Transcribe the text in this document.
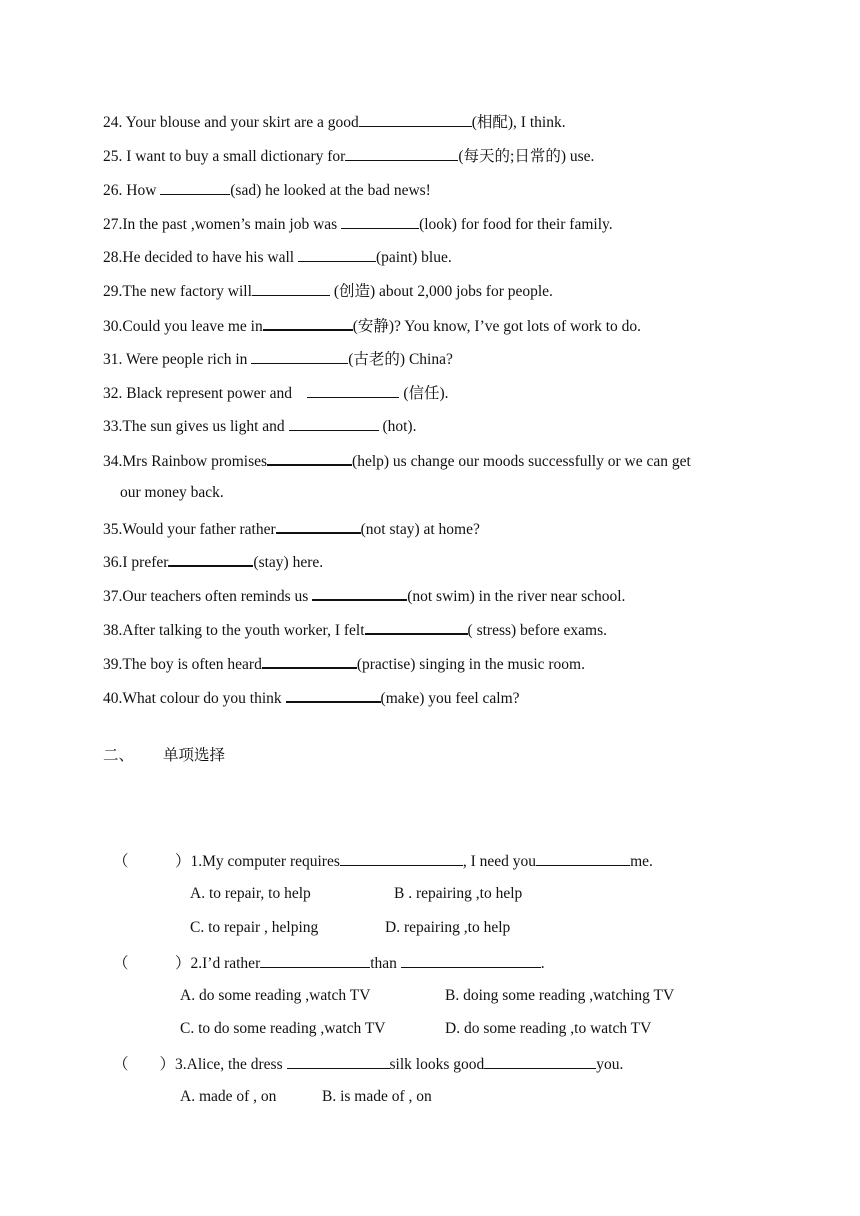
24. Your blouse and your skirt are a good	(相配), I think.
25. I want to buy a small dictionary for	(每天的;日常的) use.
26. How	(sad) he looked at the bad news!
27.In the past ,women’s main job was	(look) for food for their family.
28.He decided to have his wall	(paint) blue.
29.The new factory will	(创造) about 2,000 jobs for people.
30.Could you leave me in	(安静)? You know, I’ve got lots of work to do.
31. Were people rich in	(古老的) China?
32. Black represent power and	(信任).
33.The sun gives us light and	(hot).
34.Mrs Rainbow promises	(help) us change our moods successfully or we can get
our money back.
35.Would your father rather	(not stay) at home?
36.I prefer	(stay) here.
37.Our teachers often reminds us	(not swim) in the river near school.
38.After talking to the youth worker, I felt	( stress) before exams.
39.The boy is often heard	(practise) singing in the music room.
40.What colour do you think	(make) you feel calm?
二、 单项选择
（　　　）1.My computer requires	, I need you	me.
A. to repair, to help	B . repairing ,to help
C. to repair , helping	D. repairing ,to help
（　　　）2.I’d rather	than	.
A. do some reading ,watch TV	B. doing some reading ,watching TV
C. to do some reading ,watch TV	D. do some reading ,to watch TV
（　　）3.Alice, the dress	silk looks good	you.
A. made of , on	B. is made of , on
